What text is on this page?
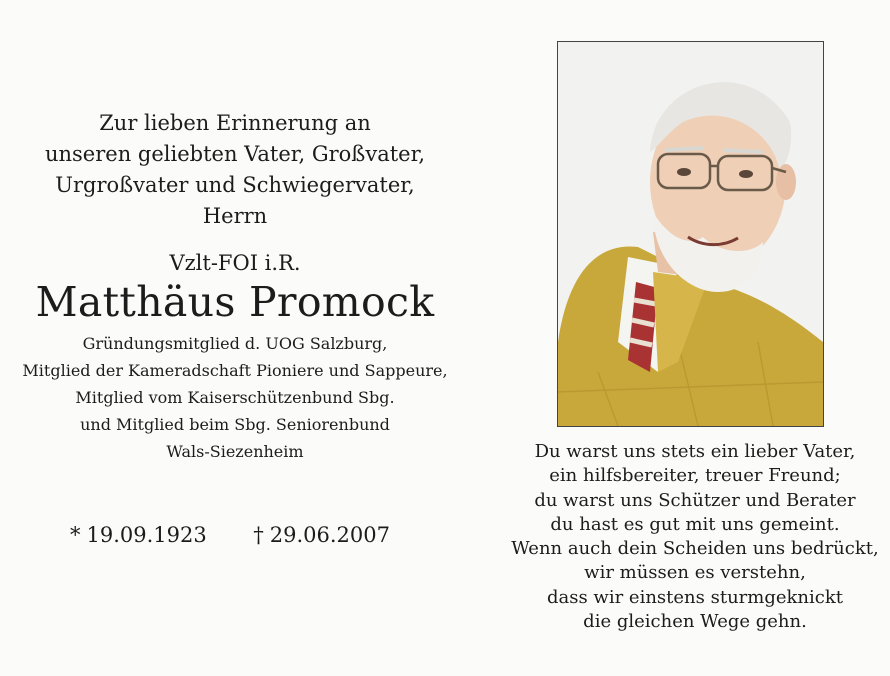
Zur lieben Erinnerung an
unseren geliebten Vater, Großvater,
Urgroßvater und Schwiegervater,
Herrn
Vzlt-FOI i.R.
Matthäus Promock
Gründungsmitglied d. UOG Salzburg,
Mitglied der Kameradschaft Pioniere und Sappeure,
Mitglied vom Kaiserschützenbund Sbg.
und Mitglied beim Sbg. Seniorenbund
Wals-Siezenheim
* 19.09.1923 † 29.06.2007
Du warst uns stets ein lieber Vater,
ein hilfsbereiter, treuer Freund;
du warst uns Schützer und Berater
du hast es gut mit uns gemeint.
Wenn auch dein Scheiden uns bedrückt,
wir müssen es verstehn,
dass wir einstens sturmgeknickt
die gleichen Wege gehn.
